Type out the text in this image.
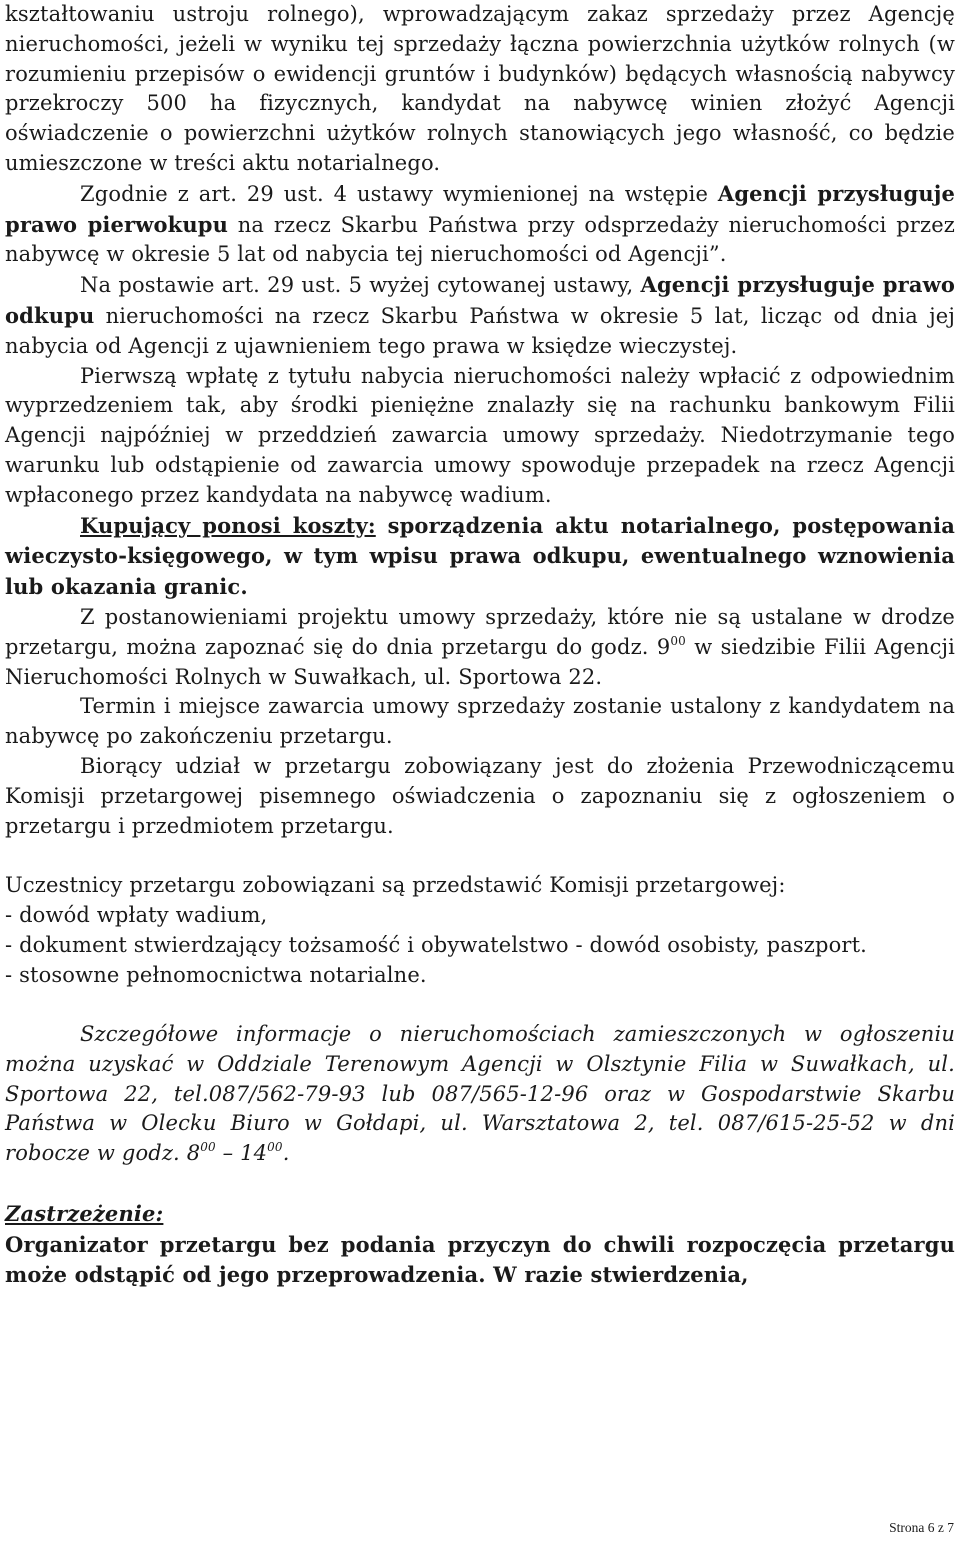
kształtowaniu ustroju rolnego), wprowadzającym zakaz sprzedaży przez Agencję nieruchomości, jeżeli w wyniku tej sprzedaży łączna powierzchnia użytków rolnych (w rozumieniu przepisów o ewidencji gruntów i budynków) będących własnością nabywcy przekroczy 500 ha fizycznych, kandydat na nabywcę winien złożyć Agencji oświadczenie o powierzchni użytków rolnych stanowiących jego własność, co będzie umieszczone w treści aktu notarialnego.

Zgodnie z art. 29 ust. 4 ustawy wymienionej na wstępie Agencji przysługuje prawo pierwokupu na rzecz Skarbu Państwa przy odsprzedaży nieruchomości przez nabywcę w okresie 5 lat od nabycia tej nieruchomości od Agencji”.

Na postawie art. 29 ust. 5 wyżej cytowanej ustawy, Agencji przysługuje prawo odkupu nieruchomości na rzecz Skarbu Państwa w okresie 5 lat, licząc od dnia jej nabycia od Agencji z ujawnieniem tego prawa w księdze wieczystej.

Pierwszą wpłatę z tytułu nabycia nieruchomości należy wpłacić z odpowiednim wyprzedzeniem tak, aby środki pieniężne znalazły się na rachunku bankowym Filii Agencji najpóźniej w przeddzień zawarcia umowy sprzedaży. Niedotrzymanie tego warunku lub odstąpienie od zawarcia umowy spowoduje przepadek na rzecz Agencji wpłaconego przez kandydata na nabywcę wadium.

Kupujący ponosi koszty: sporządzenia aktu notarialnego, postępowania wieczysto-księgowego, w tym wpisu prawa odkupu, ewentualnego wznowienia lub okazania granic.

Z postanowieniami projektu umowy sprzedaży, które nie są ustalane w drodze przetargu, można zapoznać się do dnia przetargu do godz. $9^{00}$ w siedzibie Filii Agencji Nieruchomości Rolnych w Suwałkach, ul. Sportowa 22.

Termin i miejsce zawarcia umowy sprzedaży zostanie ustalony z kandydatem na nabywcę po zakończeniu przetargu.

Biorący udział w przetargu zobowiązany jest do złożenia Przewodniczącemu Komisji przetargowej pisemnego oświadczenia o zapoznaniu się z ogłoszeniem o przetargu i przedmiotem przetargu.

Uczestnicy przetargu zobowiązani są przedstawić Komisji przetargowej:

- dowód wpłaty wadium,

- dokument stwierdzający tożsamość i obywatelstwo - dowód osobisty, paszport.

- stosowne pełnomocnictwa notarialne.

Szczegółowe informacje o nieruchomościach zamieszczonych w ogłoszeniu można uzyskać w Oddziale Terenowym Agencji w Olsztynie Filia w Suwałkach, ul. Sportowa 22, tel.087/562-79-93 lub 087/565-12-96 oraz w Gospodarstwie Skarbu Państwa w Olecku Biuro w Gołdapi, ul. Warsztatowa 2, tel. 087/615-25-52 w dni robocze w godz. $8^{00} - 14^{00}$.

Zastrzeżenie:

Organizator przetargu bez podania przyczyn do chwili rozpoczęcia przetargu może odstąpić od jego przeprowadzenia. W razie stwierdzenia,

Strona 6 z 7
